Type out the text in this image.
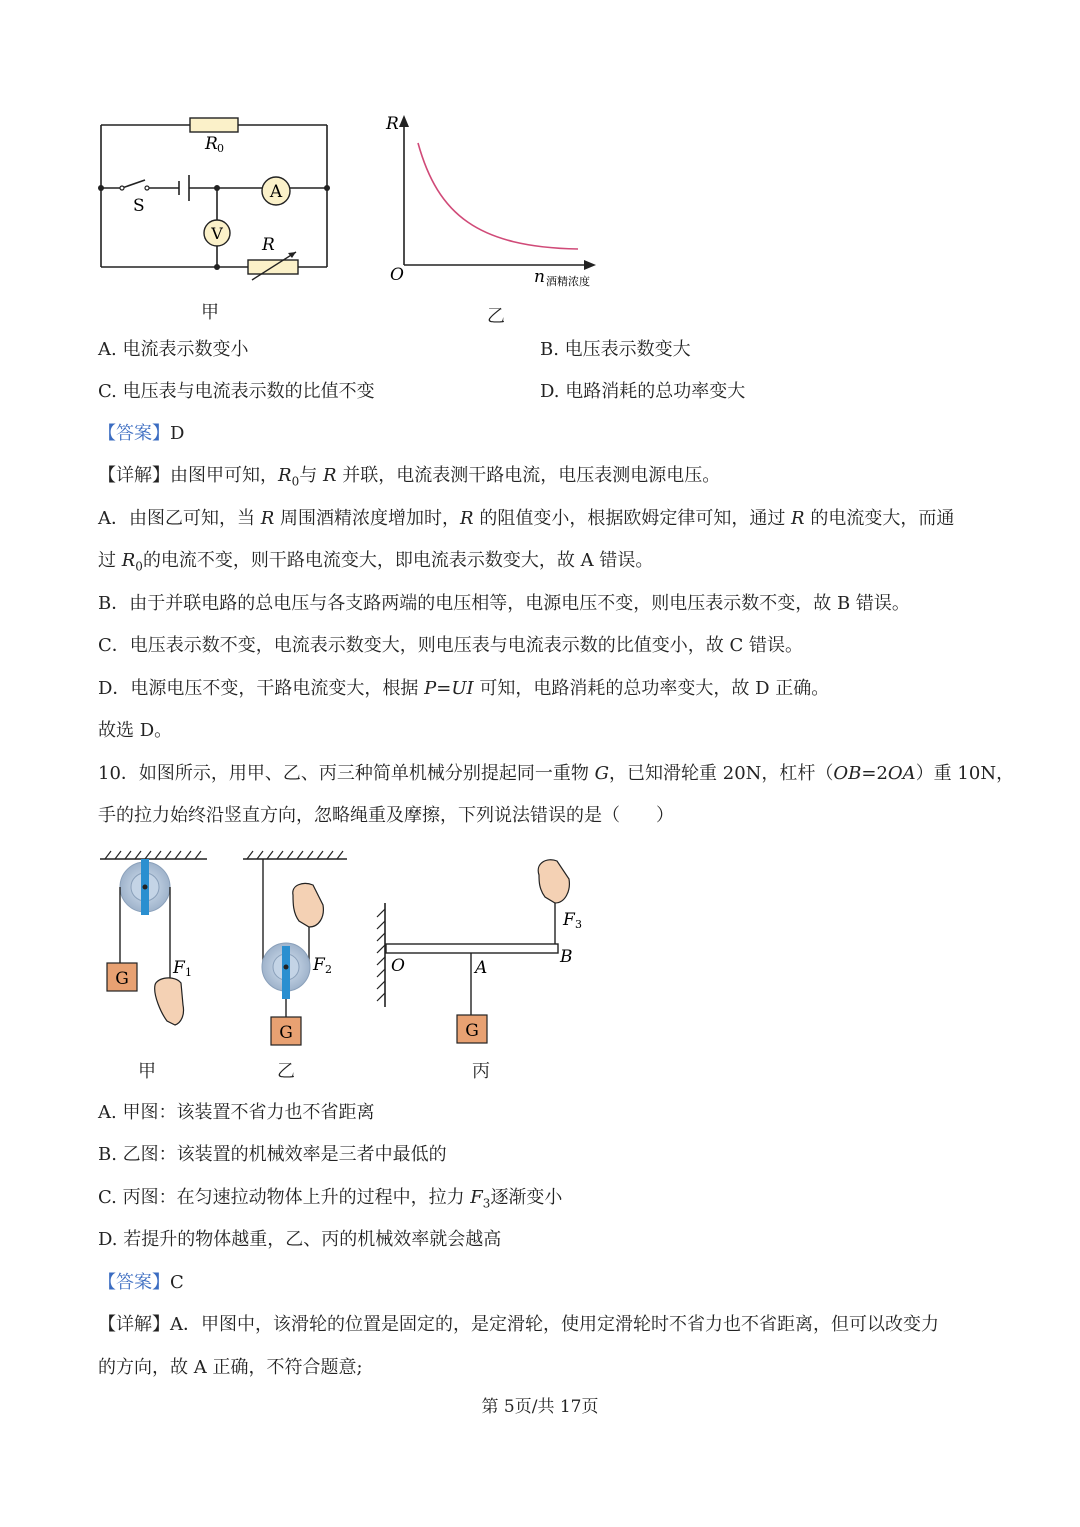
A
V
R 0
S
R
甲
R
O	n 酒精浓度
乙
A. 电流表示数变小	B. 电压表示数变大
C. 电压表与电流表示数的比值不变	D. 电路消耗的总功率变大
【答案】D
【详解】由图甲可知，$R_0$与 R 并联，电流表测干路电流，电压表测电源电压。
A．由图乙可知，当 R 周围酒精浓度增加时，R 的阻值变小，根据欧姆定律可知，通过 R 的电流变大，而通
过 $R_0$的电流不变，则干路电流变大，即电流表示数变大，故 A 错误。
B．由于并联电路的总电压与各支路两端的电压相等，电源电压不变，则电压表示数不变，故 B 错误。
C．电压表示数不变，电流表示数变大，则电压表与电流表示数的比值变小，故 C 错误。
D．电源电压不变，干路电流变大，根据 P=UI 可知，电路消耗的总功率变大，故 D 正确。
故选 D。
10．如图所示，用甲、乙、丙三种简单机械分别提起同一重物 G，已知滑轮重 20N，杠杆（OB=2OA）重 10N，
手的拉力始终沿竖直方向，忽略绳重及摩擦，下列说法错误的是（　　）
G
F 1
G
F 2
G
F 3
O	A
B
甲	乙	丙
A. 甲图：该装置不省力也不省距离
B. 乙图：该装置的机械效率是三者中最低的
C. 丙图：在匀速拉动物体上升的过程中，拉力 $F_3$逐渐变小
D. 若提升的物体越重，乙、丙的机械效率就会越高
【答案】C
【详解】A．甲图中，该滑轮的位置是固定的，是定滑轮，使用定滑轮时不省力也不省距离，但可以改变力
的方向，故 A 正确，不符合题意;
第 5页/共 17页
